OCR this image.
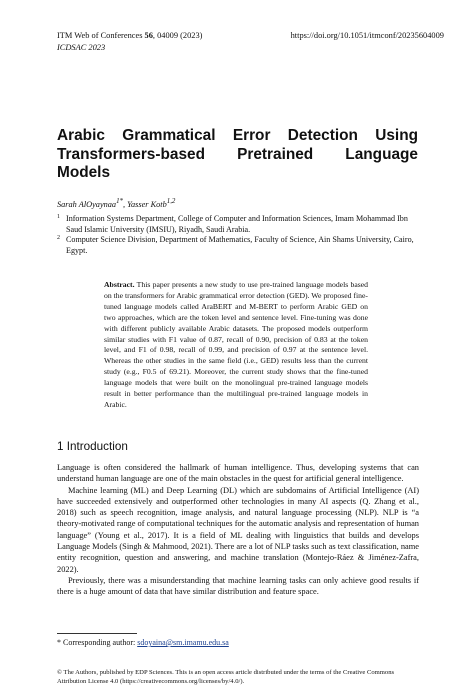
ITM Web of Conferences 56, 04009 (2023)
ICDSAC 2023
https://doi.org/10.1051/itmconf/20235604009
Arabic Grammatical Error Detection Using Transformers-based Pretrained Language Models
Sarah AlOyaynaa$^{1*}$, Yasser Kotb$^{1,2}$
1 Information Systems Department, College of Computer and Information Sciences, Imam Mohammad Ibn Saud Islamic University (IMSIU), Riyadh, Saudi Arabia.
2 Computer Science Division, Department of Mathematics, Faculty of Science, Ain Shams University, Cairo, Egypt.

Abstract. This paper presents a new study to use pre-trained language models based on the transformers for Arabic grammatical error detection (GED). We proposed fine-tuned language models called AraBERT and M-BERT to perform Arabic GED on two approaches, which are the token level and sentence level. Fine-tuning was done with different publicly available Arabic datasets. The proposed models outperform similar studies with F1 value of 0.87, recall of 0.90, precision of 0.83 at the token level, and F1 of 0.98, recall of 0.99, and precision of 0.97 at the sentence level. Whereas the other studies in the same field (i.e., GED) results less than the current study (e.g., F0.5 of 69.21). Moreover, the current study shows that the fine-tuned language models that were built on the monolingual pre-trained language models result in better performance than the multilingual pre-trained language models in Arabic.

1 Introduction

Language is often considered the hallmark of human intelligence. Thus, developing systems that can understand human language are one of the main obstacles in the quest for artificial general intelligence.

Machine learning (ML) and Deep Learning (DL) which are subdomains of Artificial Intelligence (AI) have succeeded extensively and outperformed other technologies in many AI aspects (Q. Zhang et al., 2018) such as speech recognition, image analysis, and natural language processing (NLP). NLP is “a theory-motivated range of computational techniques for the automatic analysis and representation of human language” (Young et al., 2017). It is a field of ML dealing with linguistics that builds and develops Language Models (Singh & Mahmood, 2021). There are a lot of NLP tasks such as text classification, name entity recognition, question and answering, and machine translation (Montejo-Ráez & Jiménez-Zafra, 2022).

Previously, there was a misunderstanding that machine learning tasks can only achieve good results if there is a huge amount of data that have similar distribution and feature space.

* Corresponding author: sdoyaina@sm.imamu.edu.sa
© The Authors, published by EDP Sciences. This is an open access article distributed under the terms of the Creative Commons Attribution License 4.0 (https://creativecommons.org/licenses/by/4.0/).
